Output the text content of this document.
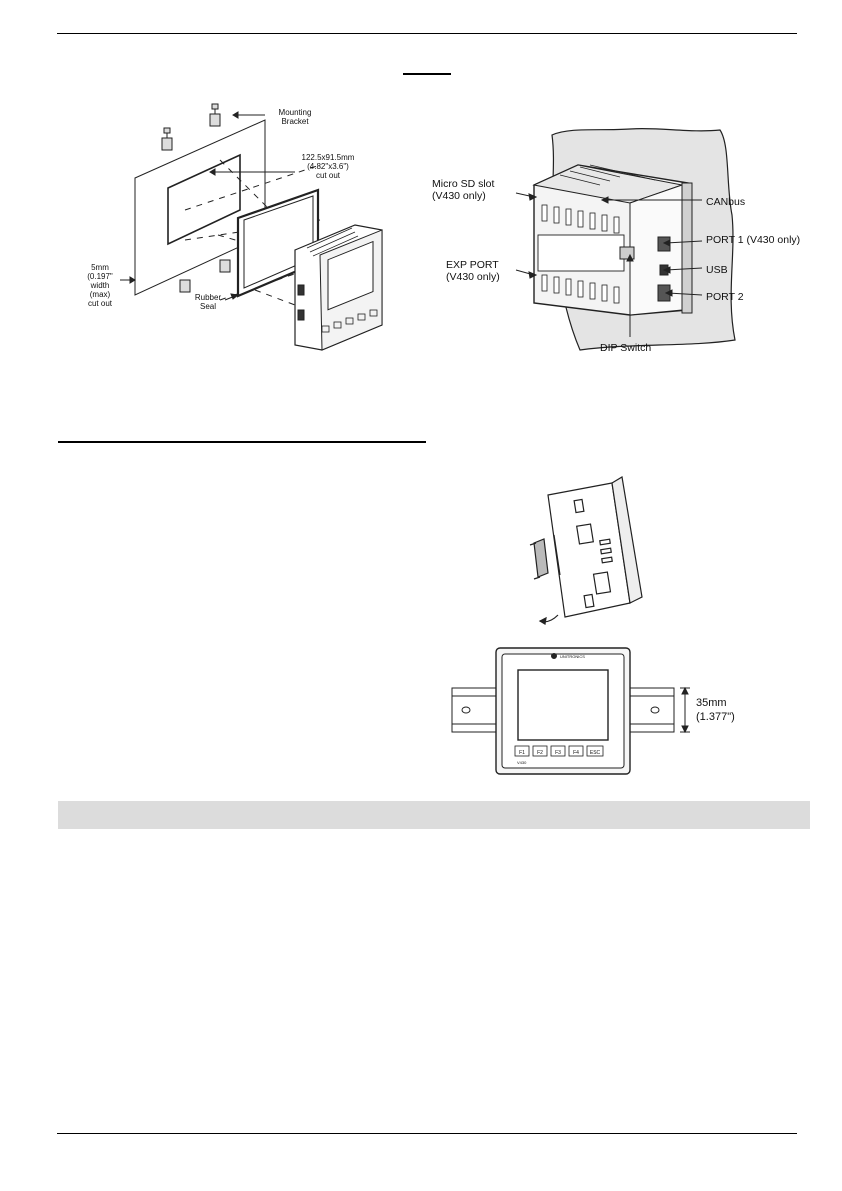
Mounting
Bracket
122.5x91.5mm
(4.82"x3.6")
cut out
5mm
(0.197"
width
(max)
cut out
Rubber
Seal
Micro SD slot
(V430 only)	CANbus
PORT 1 (V430 only)
EXP PORT
(V430 only)
USB
PORT 2
DIP Switch
UNITRONICS
F1 F2 F3 F4 ESC
V430
35mm
(1.377")
